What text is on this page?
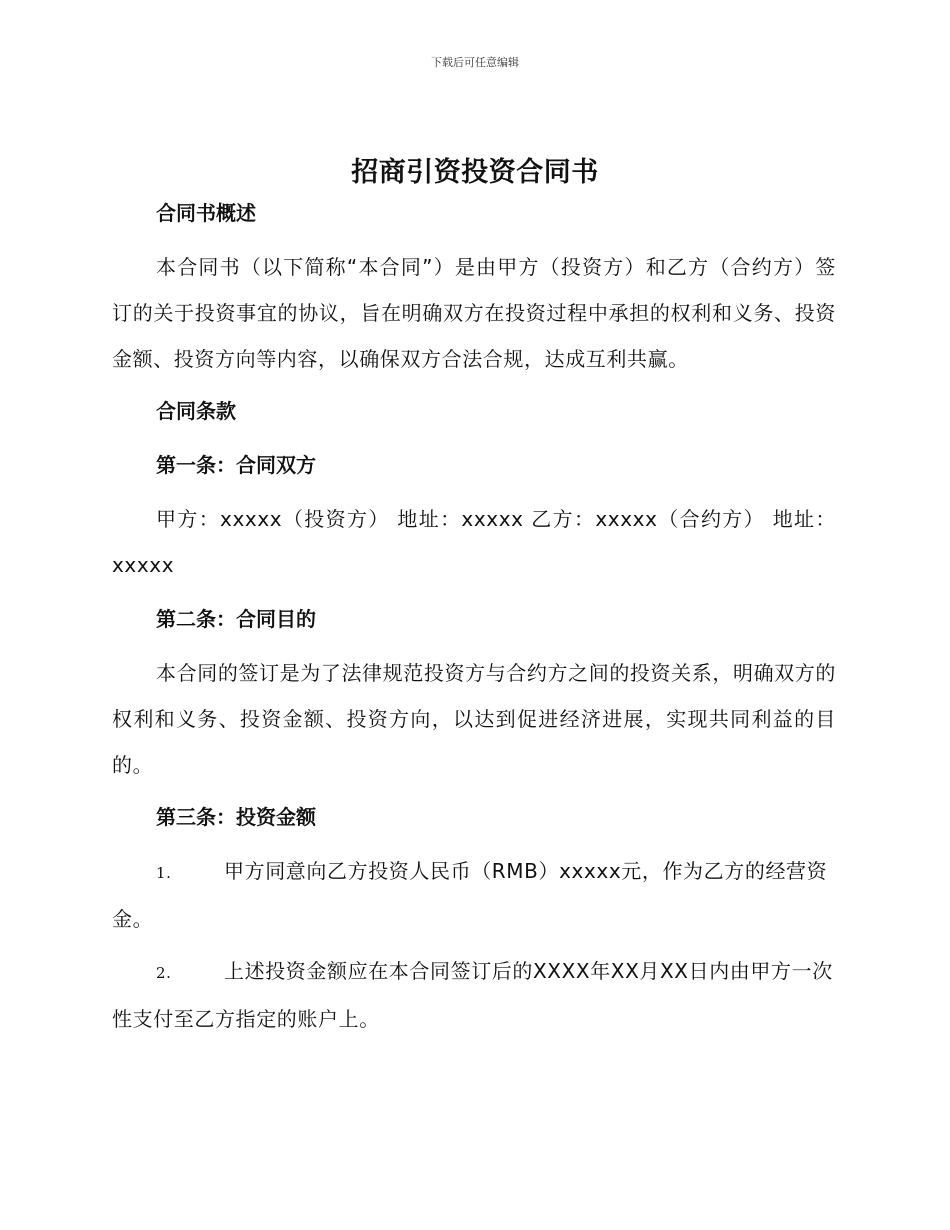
下载后可任意编辑
招商引资投资合同书
合同书概述
本合同书（以下简称“本合同”）是由甲方（投资方）和乙方（合约方）签订的关于投资事宜的协议，旨在明确双方在投资过程中承担的权利和义务、投资金额、投资方向等内容，以确保双方合法合规，达成互利共赢。
合同条款
第一条：合同双方
甲方：xxxxx（投资方） 地址：xxxxx 乙方：xxxxx（合约方） 地址：xxxxx
第二条：合同目的
本合同的签订是为了法律规范投资方与合约方之间的投资关系，明确双方的权利和义务、投资金额、投资方向，以达到促进经济进展，实现共同利益的目的。
第三条：投资金额
1.	甲方同意向乙方投资人民币（RMB）xxxxx元，作为乙方的经营资金。
2.	上述投资金额应在本合同签订后的XXXX年XX月XX日内由甲方一次性支付至乙方指定的账户上。
